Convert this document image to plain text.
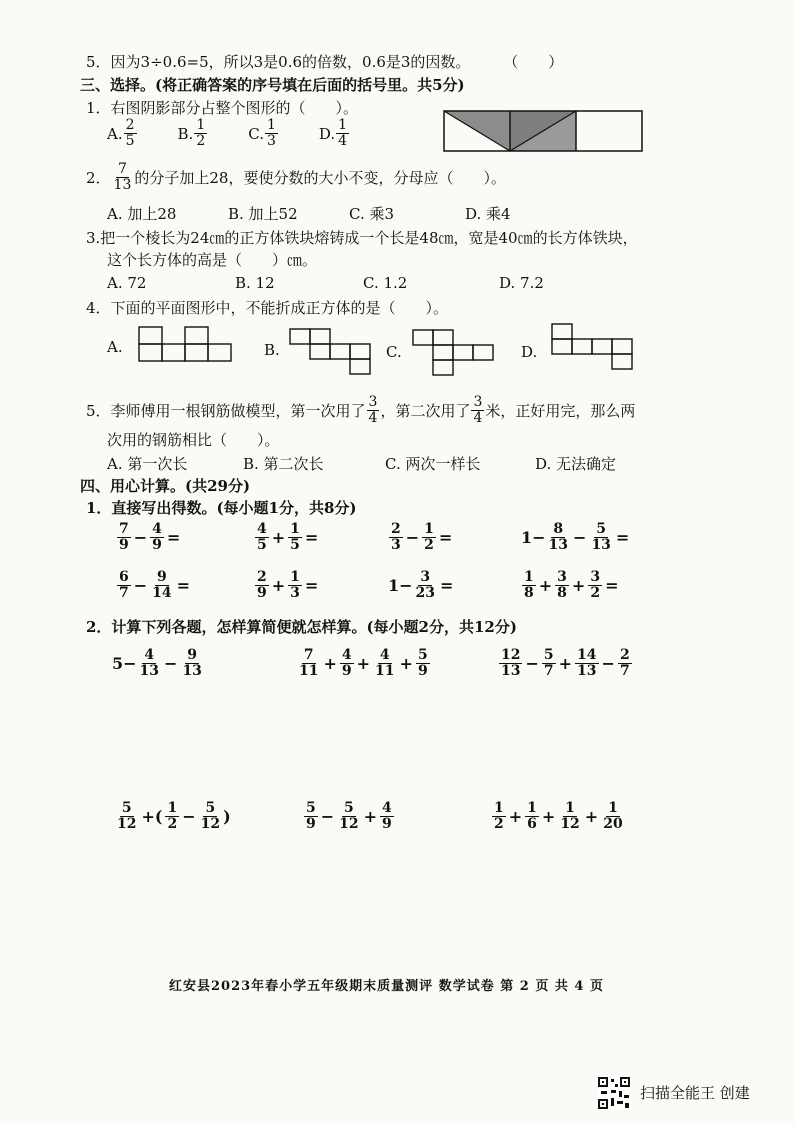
5．因为3÷0.6=5，所以3是0.6的倍数，0.6是3的因数。 （　　）
三、选择。(将正确答案的序号填在后面的括号里。共5分)
1．右图阴影部分占整个图形的（　　）。
A. $\frac{2}{5}$	B. $\frac{1}{2}$	C. $\frac{1}{3}$	D. $\frac{1}{4}$
2． $\frac{7}{13}$ 的分子加上28，要使分数的大小不变，分母应（　　）。
A. 加上28	B. 加上52	C. 乘3	D. 乘4
3.把一个棱长为24㎝的正方体铁块熔铸成一个长是48㎝，宽是40㎝的长方体铁块，
这个长方体的高是（　　）㎝。
A. 72	B. 12	C. 1.2	D. 7.2
4．下面的平面图形中，不能折成正方体的是（　　）。
A.	B.	C.	D.
5．李师傅用一根钢筋做模型，第一次用了 $\frac{3}{4}$ ，第二次用了 $\frac{3}{4}$ 米，正好用完，那么两
次用的钢筋相比（　　）。
A. 第一次长	B. 第二次长	C. 两次一样长	D. 无法确定
四、用心计算。(共29分)
1．直接写出得数。(每小题1分，共8分)
2．计算下列各题，怎样算简便就怎样算。(每小题2分，共12分)
红安县2023年春小学五年级期末质量测评 数学试卷 第 2 页 共 4 页
扫描全能王 创建
$\frac{7}{9} - \frac{4}{9}$ =	$\frac{4}{5} + \frac{1}{5}$ =	$\frac{2}{3} - \frac{1}{2}$ =	$1- \frac{8}{13} - \frac{5}{13}$ =
$\frac{6}{7} - \frac{9}{14}$ =	$\frac{2}{9} + \frac{1}{3}$ =	$1- \frac{3}{23}$ =	$\frac{1}{8} + \frac{3}{8} + \frac{3}{2}$ =
$5- \frac{4}{13} - \frac{9}{13}$	$\frac{7}{11} + \frac{4}{9} + \frac{4}{11} + \frac{5}{9}$	$\frac{12}{13} - \frac{5}{7} + \frac{14}{13} - \frac{2}{7}$
$\frac{5}{12}$ +( $\frac{1}{2} - \frac{5}{12}$ )	$\frac{5}{9} - \frac{5}{12} + \frac{4}{9}$	$\frac{1}{2} + \frac{1}{6} + \frac{1}{12} + \frac{1}{20}$
